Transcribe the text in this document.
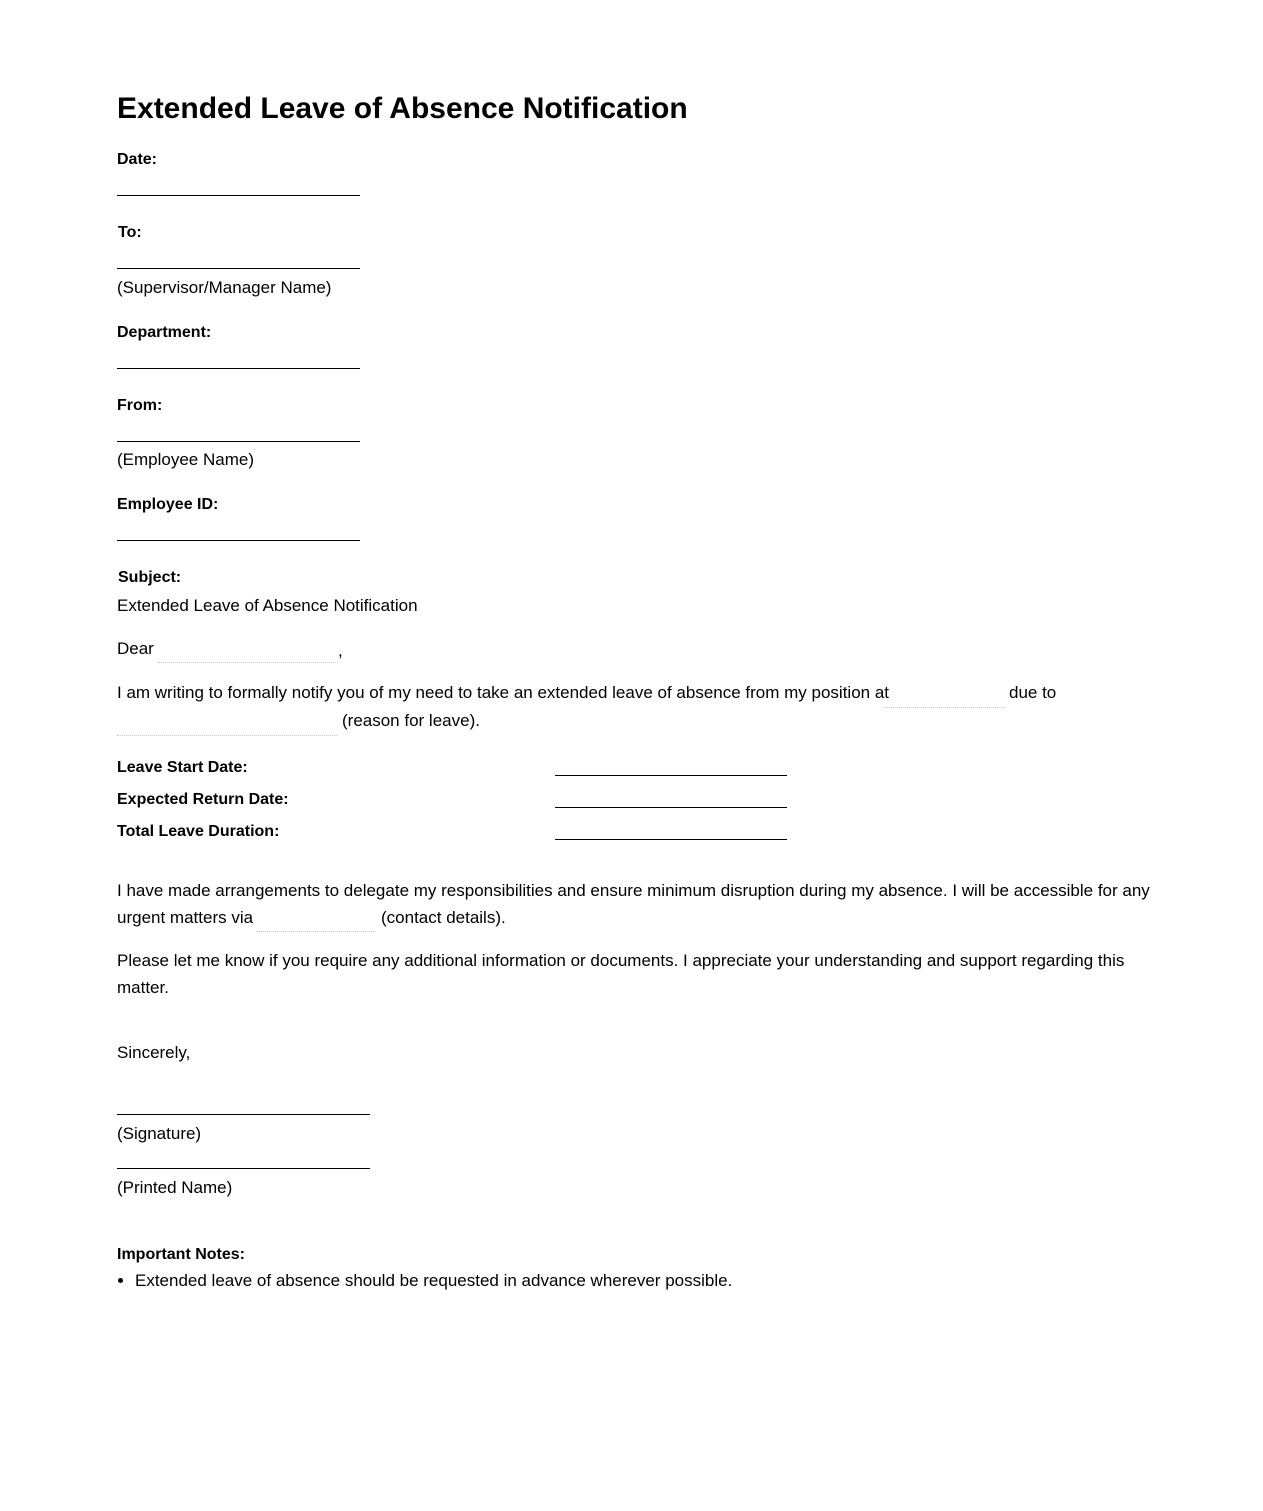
Extended Leave of Absence Notification
Date:
To:
(Supervisor/Manager Name)
Department:
From:
(Employee Name)
Employee ID:
Subject:
Extended Leave of Absence Notification
Dear	,
I am writing to formally notify you of my need to take an extended leave of absence from my position at	due to
(reason for leave).
Leave Start Date:
Expected Return Date:
Total Leave Duration:
I have made arrangements to delegate my responsibilities and ensure minimum disruption during my absence. I will be accessible for any
urgent matters via	(contact details).
Please let me know if you require any additional information or documents. I appreciate your understanding and support regarding this
matter.
Sincerely,
(Signature)
(Printed Name)
Important Notes:
Extended leave of absence should be requested in advance wherever possible.
